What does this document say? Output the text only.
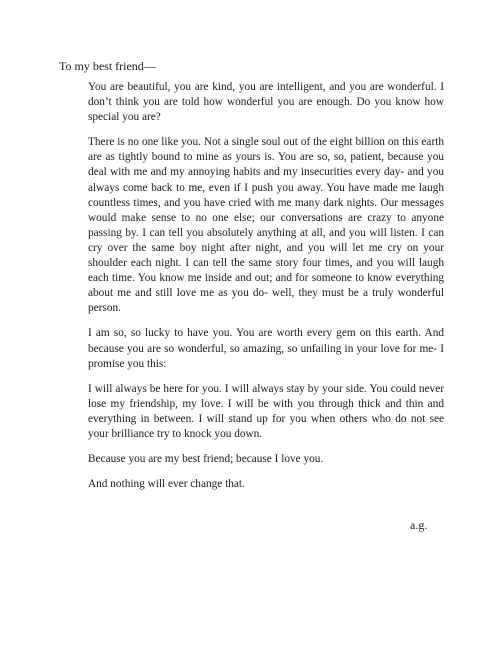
To my best friend—

You are beautiful, you are kind, you are intelligent, and you are wonderful. I don’t think you are told how wonderful you are enough. Do you know how special you are?

There is no one like you. Not a single soul out of the eight billion on this earth are as tightly bound to mine as yours is. You are so, so, patient, because you deal with me and my annoying habits and my insecurities every day- and you always come back to me, even if I push you away. You have made me laugh countless times, and you have cried with me many dark nights. Our messages would make sense to no one else; our conversations are crazy to anyone passing by. I can tell you absolutely anything at all, and you will listen. I can cry over the same boy night after night, and you will let me cry on your shoulder each night. I can tell the same story four times, and you will laugh each time. You know me inside and out; and for someone to know everything about me and still love me as you do- well, they must be a truly wonderful person.

I am so, so lucky to have you. You are worth every gem on this earth. And because you are so wonderful, so amazing, so unfailing in your love for me- I promise you this:

I will always be here for you. I will always stay by your side. You could never lose my friendship, my love. I will be with you through thick and thin and everything in between. I will stand up for you when others who do not see your brilliance try to knock you down.

Because you are my best friend; because I love you.

And nothing will ever change that.

a.g.
